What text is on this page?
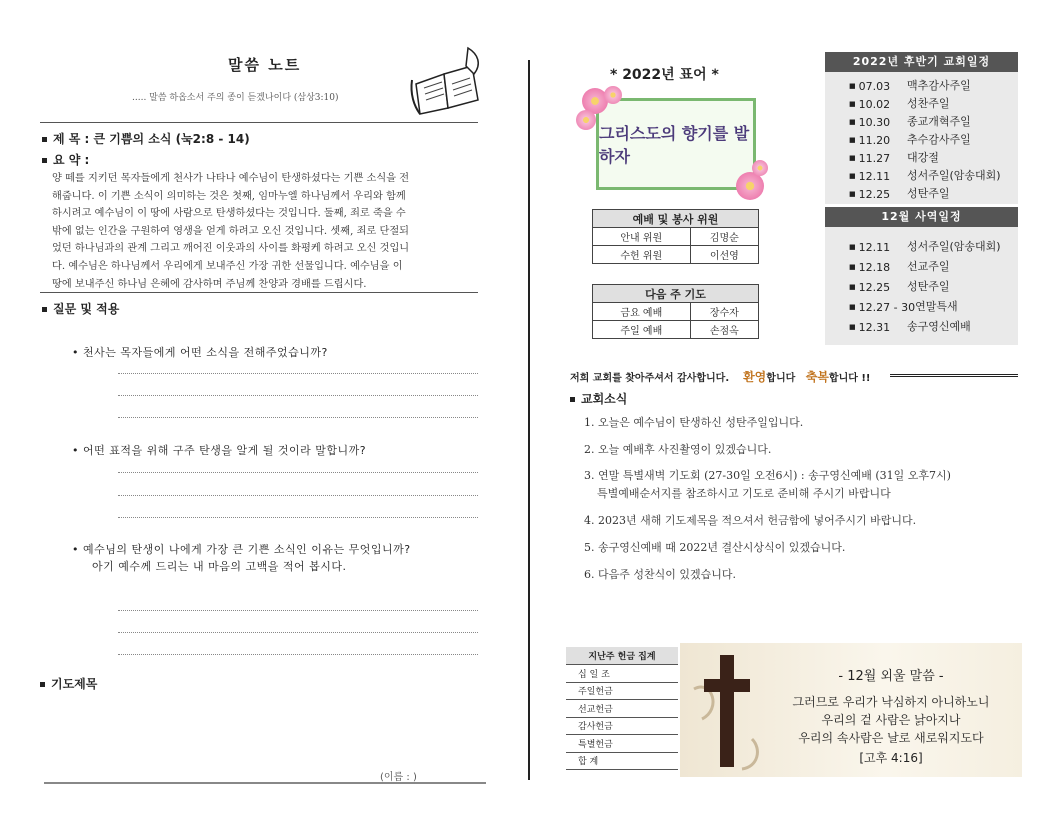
말씀 노트
..... 말씀 하옵소서 주의 종이 듣겠나이다 (삼상3:10)
제 목 : 큰 기쁨의 소식 (눅2:8 - 14)
요 약 :
양 떼를 지키던 목자들에게 천사가 나타나 예수님이 탄생하셨다는 기쁜 소식을 전
해줍니다. 이 기쁜 소식이 의미하는 것은 첫째, 임마누엘 하나님께서 우리와 함께
하시려고 예수님이 이 땅에 사람으로 탄생하셨다는 것입니다. 둘째, 죄로 죽을 수
밖에 없는 인간을 구원하여 영생을 얻게 하려고 오신 것입니다. 셋째, 죄로 단절되
었던 하나님과의 관계 그리고 깨어진 이웃과의 사이를 화평케 하려고 오신 것입니
다. 예수님은 하나님께서 우리에게 보내주신 가장 귀한 선물입니다. 예수님을 이
땅에 보내주신 하나님 은혜에 감사하며 주님께 찬양과 경배를 드립시다.
질문 및 적용
• 천사는 목자들에게 어떤 소식을 전해주었습니까?
• 어떤 표적을 위해 구주 탄생을 알게 될 것이라 말합니까?
• 예수님의 탄생이 나에게 가장 큰 기쁜 소식인 이유는 무엇입니까?
아기 예수께 드리는 내 마음의 고백을 적어 봅시다.
기도제목
(이름 : )
* 2022년 표어 *
그리스도의 향기를 발하자
예배 및 봉사 위원	
안내 위원	김명순
수헌 위원	이선영
다음 주 기도	
금요 예배	장수자
주일 예배	손점옥
2022년 후반기 교회일정
■ 07.03	맥추감사주일
■ 10.02	성찬주일
■ 10.30	종교개혁주일
■ 11.20	추수감사주일
■ 11.27	대강절
■ 12.11	성서주일(암송대회)
■ 12.25	성탄주일
12월 사역일정
■ 12.11	성서주일(암송대회)
■ 12.18	선교주일
■ 12.25	성탄주일
■ 12.27 - 30 연말특새
■ 12.31	송구영신예배
저희 교회를 찾아주셔서 감사합니다. 환영합니다 축복합니다 !!
교회소식
1. 오늘은 예수님이 탄생하신 성탄주일입니다.
2. 오늘 예배후 사진촬영이 있겠습니다.
3. 연말 특별새벽 기도회 (27-30일 오전6시) : 송구영신예배 (31일 오후7시)
특별예배순서지를 참조하시고 기도로 준비해 주시기 바랍니다
4. 2023년 새해 기도제목을 적으셔서 헌금함에 넣어주시기 바랍니다.
5. 송구영신예배 때 2022년 결산시상식이 있겠습니다.
6. 다음주 성찬식이 있겠습니다.
지난주 헌금 집계
십 일 조
주일헌금
선교헌금
감사헌금
특별헌금
합 계
- 12월 외울 말씀 -
그러므로 우리가 낙심하지 아니하노니
우리의 겉 사람은 낡아지나
우리의 속사람은 날로 새로워지도다
[고후 4:16]
